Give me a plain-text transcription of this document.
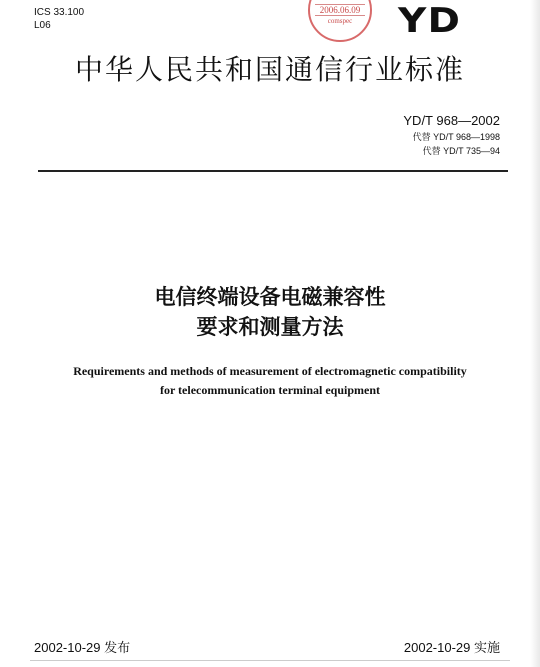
ICS 33.100
L06
2006.06.09
comspec	YD
中华人民共和国通信行业标准
YD/T 968—2002
代替 YD/T 968—1998
代替 YD/T 735—94
电信终端设备电磁兼容性
要求和测量方法
Requirements and methods of measurement of electromagnetic compatibility
for telecommunication terminal equipment
2002-10-29 发布	2002-10-29 实施
